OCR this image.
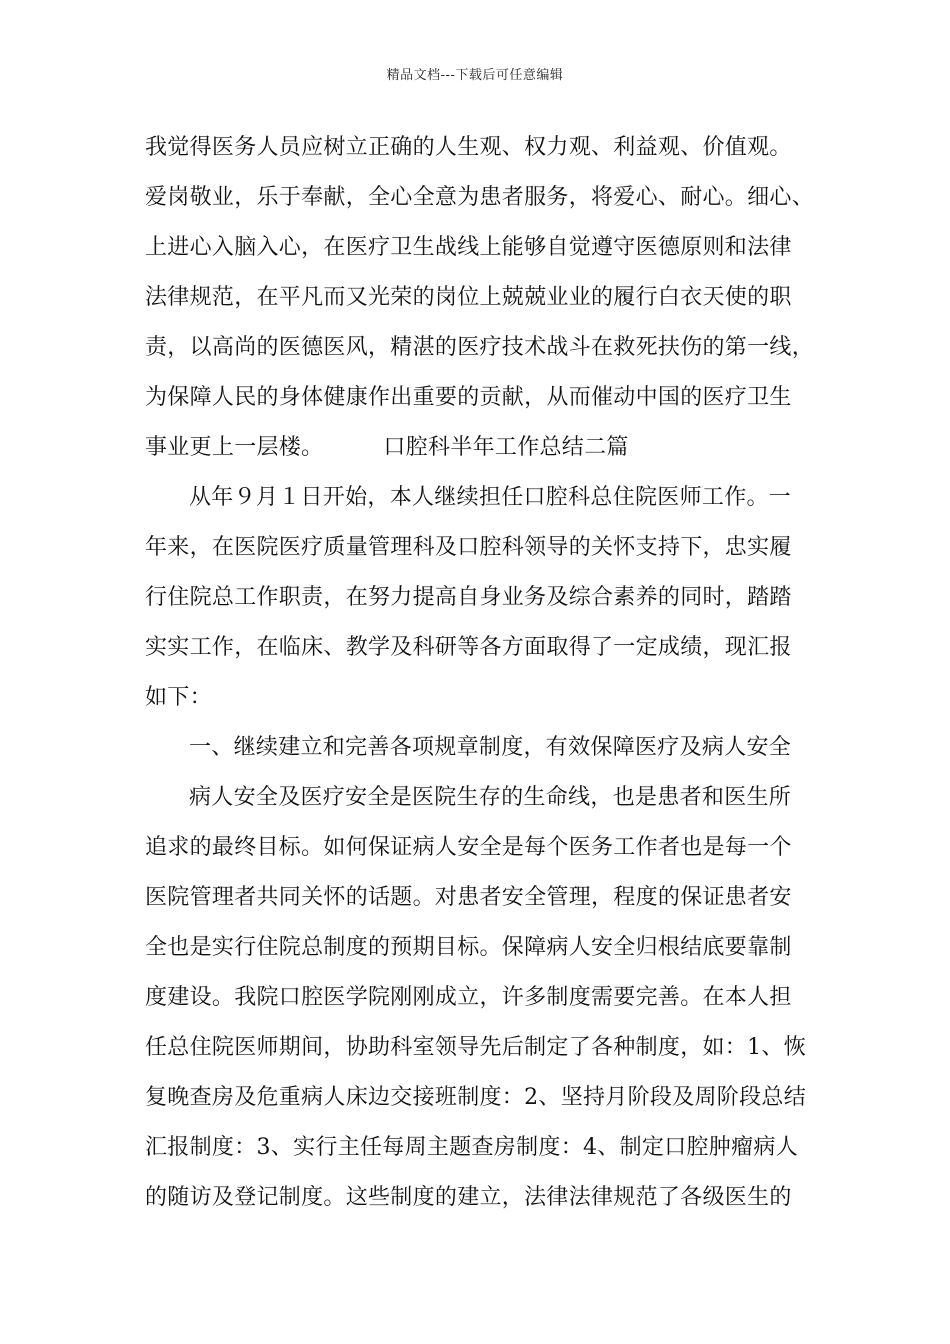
精品文档---下载后可任意编辑
我觉得医务人员应树立正确的人生观、权力观、利益观、价值观。
爱岗敬业，乐于奉献，全心全意为患者服务，将爱心、耐心。细心、
上进心入脑入心，在医疗卫生战线上能够自觉遵守医德原则和法律
法律规范，在平凡而又光荣的岗位上兢兢业业的履行白衣天使的职
责，以高尚的医德医风，精湛的医疗技术战斗在救死扶伤的第一线，
为保障人民的身体健康作出重要的贡献，从而催动中国的医疗卫生
事业更上一层楼。	口腔科半年工作总结二篇
从年９月１日开始，本人继续担任口腔科总住院医师工作。一
年来，在医院医疗质量管理科及口腔科领导的关怀支持下，忠实履
行住院总工作职责，在努力提高自身业务及综合素养的同时，踏踏
实实工作，在临床、教学及科研等各方面取得了一定成绩，现汇报
如下：
一、继续建立和完善各项规章制度，有效保障医疗及病人安全
病人安全及医疗安全是医院生存的生命线，也是患者和医生所
追求的最终目标。如何保证病人安全是每个医务工作者也是每一个
医院管理者共同关怀的话题。对患者安全管理，程度的保证患者安
全也是实行住院总制度的预期目标。保障病人安全归根结底要靠制
度建设。我院口腔医学院刚刚成立，许多制度需要完善。在本人担
任总住院医师期间，协助科室领导先后制定了各种制度，如：1、恢
复晚查房及危重病人床边交接班制度：2、坚持月阶段及周阶段总结
汇报制度：3、实行主任每周主题查房制度：4、制定口腔肿瘤病人
的随访及登记制度。这些制度的建立，法律法律规范了各级医生的
